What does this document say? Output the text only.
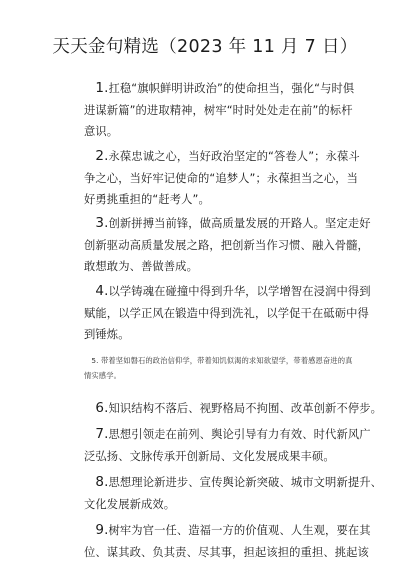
天天金句精选（2023 年 11 月 7 日）
 1.扛稳“旗帜鲜明讲政治”的使命担当，强化“与时俱
进谋新篇”的进取精神，树牢“时时处处走在前”的标杆
意识。
 2.永葆忠诚之心，当好政治坚定的“答卷人”；永葆斗
争之心，当好牢记使命的“追梦人”；永葆担当之心，当
好勇挑重担的“赶考人”。
 3.创新拼搏当前锋，做高质量发展的开路人。坚定走好
创新驱动高质量发展之路，把创新当作习惯、融入骨髓，
敢想敢为、善做善成。
 4.以学铸魂在碰撞中得到升华，以学增智在浸润中得到
赋能，以学正风在锻造中得到洗礼，以学促干在砥砺中得
到锤炼。
 5. 带着坚如磐石的政治信仰学，带着知饥似渴的求知欲望学，带着感恩奋进的真
情实感学。
 6.知识结构不落后、视野格局不拘囿、改革创新不停步。
 7.思想引领走在前列、舆论引导有力有效、时代新风广
泛弘扬、文脉传承开创新局、文化发展成果丰硕。
 8.思想理论新进步、宣传舆论新突破、城市文明新提升、
文化发展新成效。
 9.树牢为官一任、造福一方的价值观、人生观，要在其
位、谋其政、负其责、尽其事，担起该担的重担、挑起该
